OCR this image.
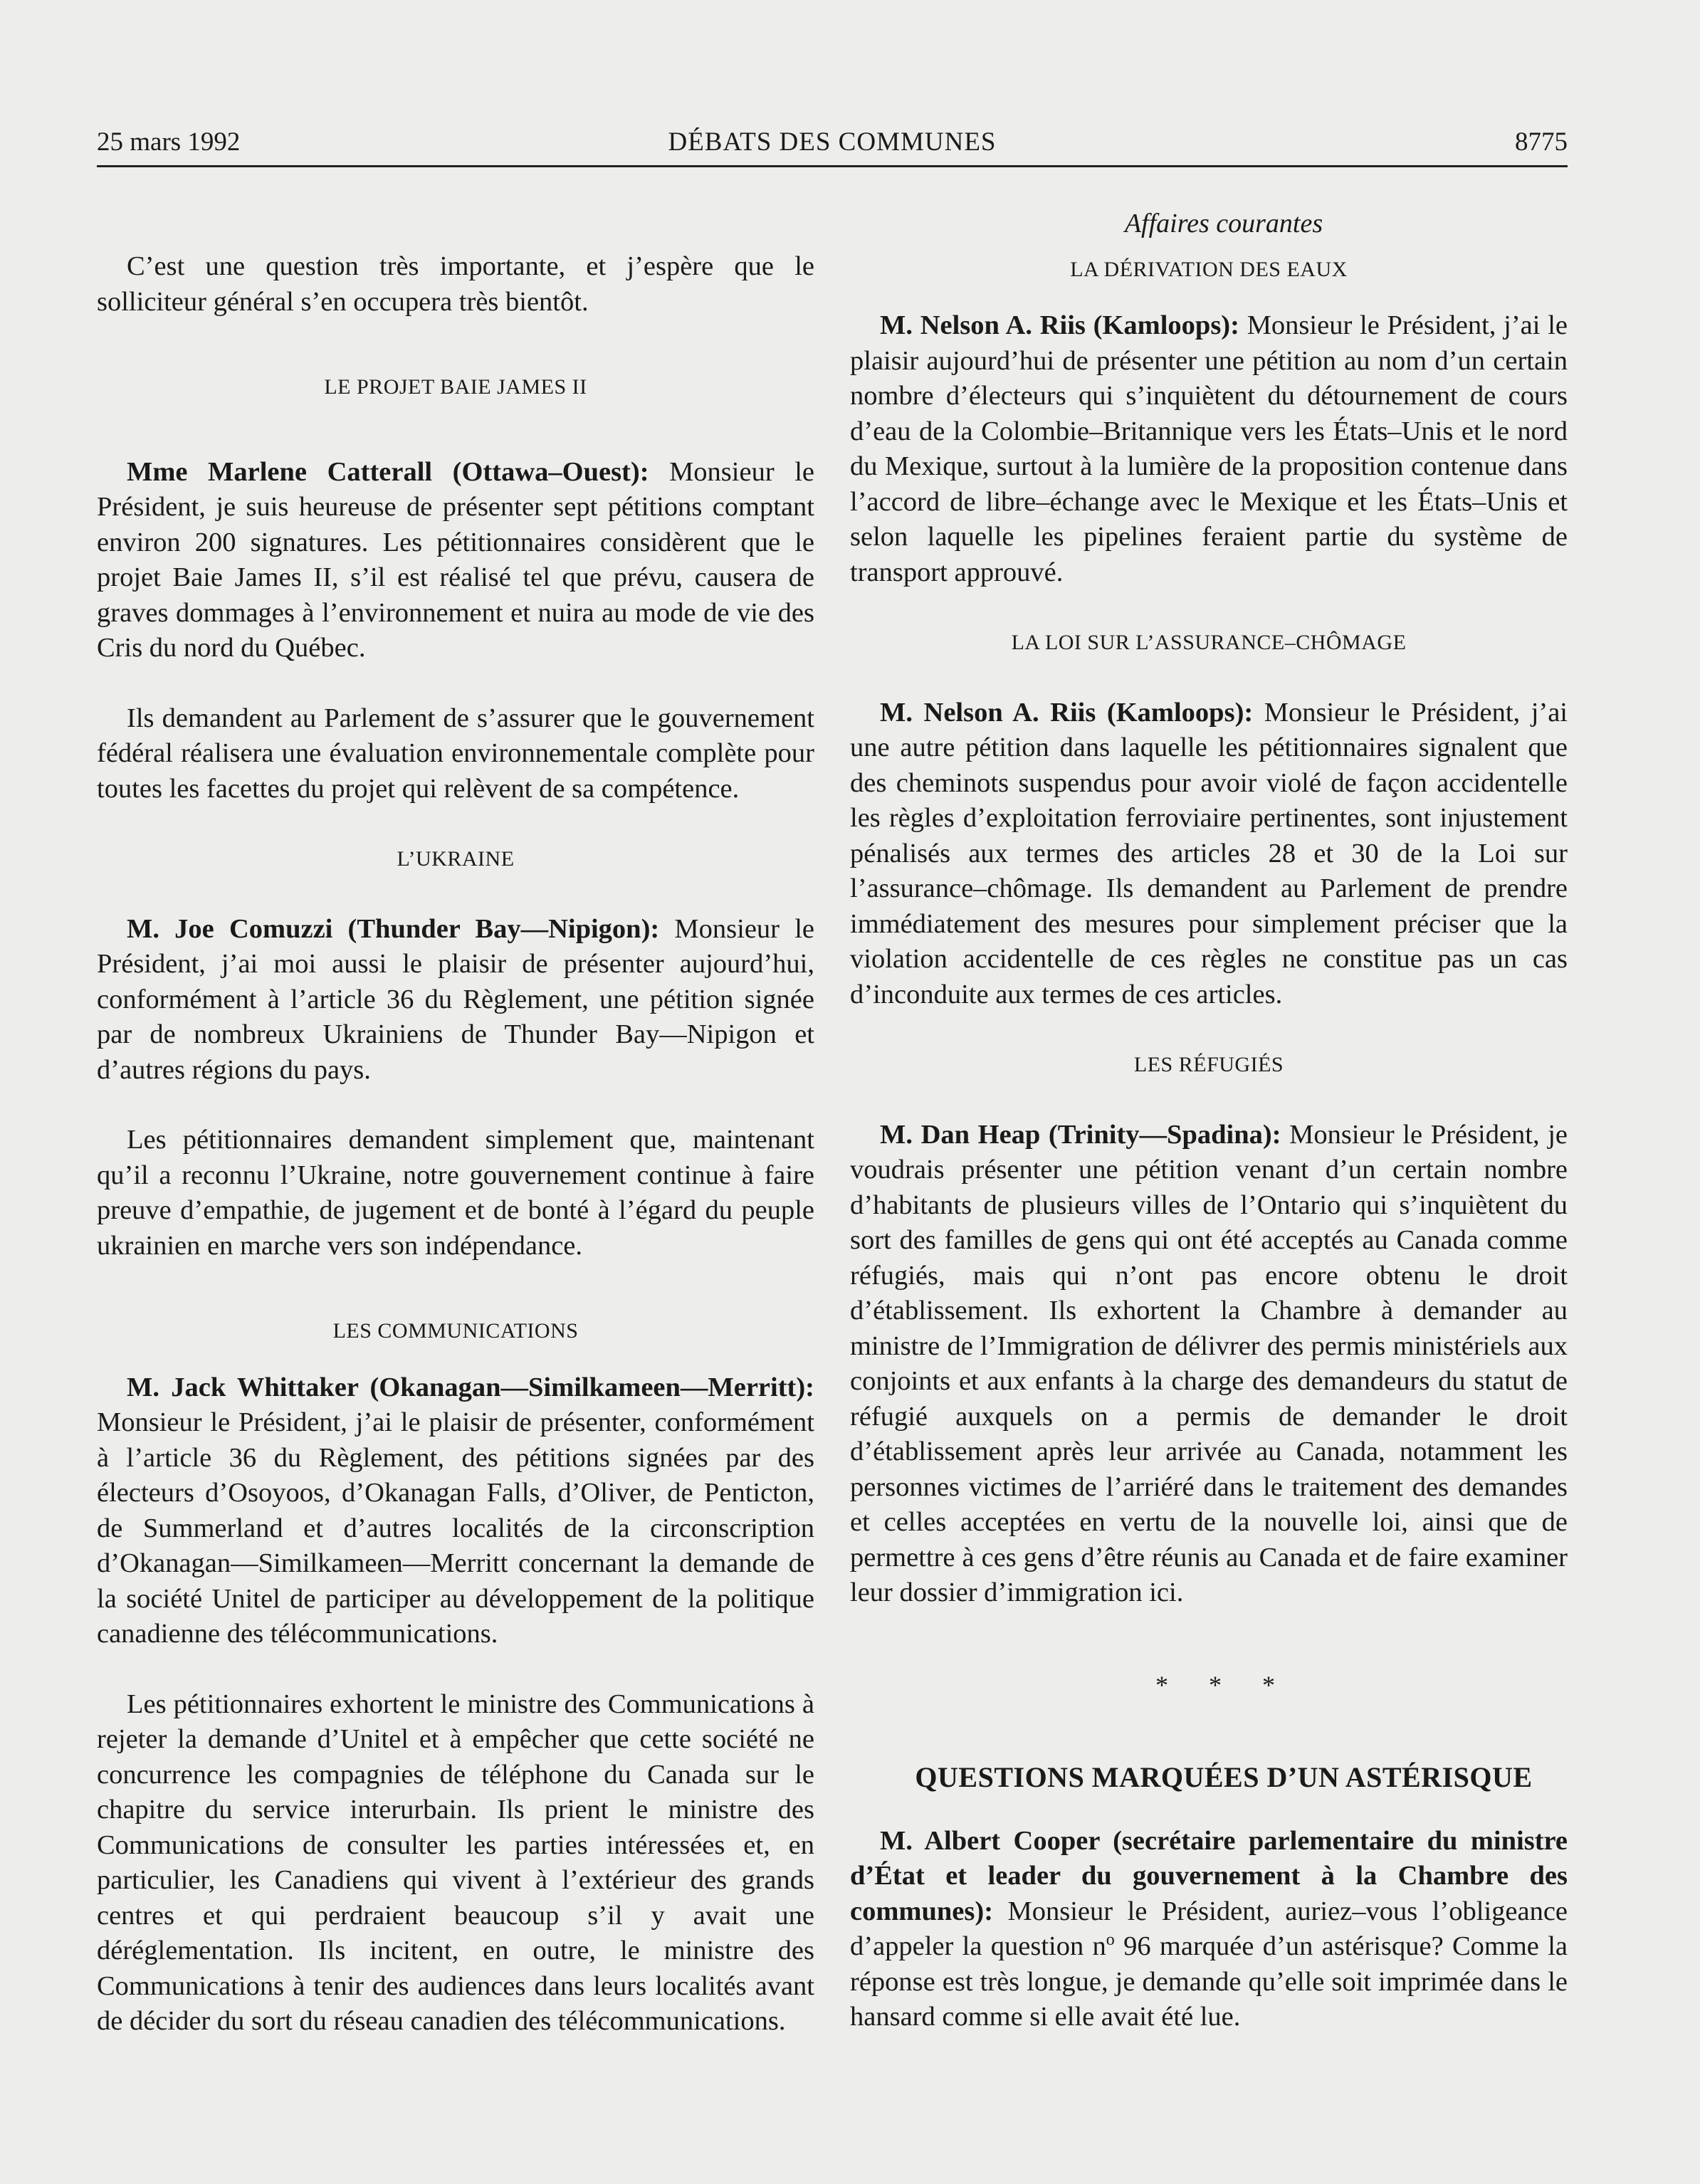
25 mars 1992	DÉBATS DES COMMUNES	8775

C’est une question très importante, et j’espère que le solliciteur général s’en occupera très bientôt.

LE PROJET BAIE JAMES II

Mme Marlene Catterall (Ottawa–Ouest): Monsieur le Président, je suis heureuse de présenter sept pétitions comptant environ 200 signatures. Les pétitionnaires considèrent que le projet Baie James II, s’il est réalisé tel que prévu, causera de graves dommages à l’environnement et nuira au mode de vie des Cris du nord du Québec.

Ils demandent au Parlement de s’assurer que le gouvernement fédéral réalisera une évaluation environnementale complète pour toutes les facettes du projet qui relèvent de sa compétence.

L’UKRAINE

M. Joe Comuzzi (Thunder Bay—Nipigon): Monsieur le Président, j’ai moi aussi le plaisir de présenter aujourd’hui, conformément à l’article 36 du Règlement, une pétition signée par de nombreux Ukrainiens de Thunder Bay—Nipigon et d’autres régions du pays.

Les pétitionnaires demandent simplement que, maintenant qu’il a reconnu l’Ukraine, notre gouvernement continue à faire preuve d’empathie, de jugement et de bonté à l’égard du peuple ukrainien en marche vers son indépendance.

LES COMMUNICATIONS

M. Jack Whittaker (Okanagan—Similkameen—Merritt): Monsieur le Président, j’ai le plaisir de présenter, conformément à l’article 36 du Règlement, des pétitions signées par des électeurs d’Osoyoos, d’Okanagan Falls, d’Oliver, de Penticton, de Summerland et d’autres localités de la circonscription d’Okanagan—Similkameen—Merritt concernant la demande de la société Unitel de participer au développement de la politique canadienne des télécommunications.

Les pétitionnaires exhortent le ministre des Communications à rejeter la demande d’Unitel et à empêcher que cette société ne concurrence les compagnies de téléphone du Canada sur le chapitre du service interurbain. Ils prient le ministre des Communications de consulter les parties intéressées et, en particulier, les Canadiens qui vivent à l’extérieur des grands centres et qui perdraient beaucoup s’il y avait une déréglementation. Ils incitent, en outre, le ministre des Communications à tenir des audiences dans leurs localités avant de décider du sort du réseau canadien des télécommunications.

Affaires courantes

LA DÉRIVATION DES EAUX

M. Nelson A. Riis (Kamloops): Monsieur le Président, j’ai le plaisir aujourd’hui de présenter une pétition au nom d’un certain nombre d’électeurs qui s’inquiètent du détournement de cours d’eau de la Colombie–Britannique vers les États–Unis et le nord du Mexique, surtout à la lumière de la proposition contenue dans l’accord de libre–échange avec le Mexique et les États–Unis et selon laquelle les pipelines feraient partie du système de transport approuvé.

LA LOI SUR L’ASSURANCE–CHÔMAGE

M. Nelson A. Riis (Kamloops): Monsieur le Président, j’ai une autre pétition dans laquelle les pétitionnaires signalent que des cheminots suspendus pour avoir violé de façon accidentelle les règles d’exploitation ferroviaire pertinentes, sont injustement pénalisés aux termes des articles 28 et 30 de la Loi sur l’assurance–chômage. Ils demandent au Parlement de prendre immédiatement des mesures pour simplement préciser que la violation accidentelle de ces règles ne constitue pas un cas d’inconduite aux termes de ces articles.

LES RÉFUGIÉS

M. Dan Heap (Trinity—Spadina): Monsieur le Président, je voudrais présenter une pétition venant d’un certain nombre d’habitants de plusieurs villes de l’Ontario qui s’inquiètent du sort des familles de gens qui ont été acceptés au Canada comme réfugiés, mais qui n’ont pas encore obtenu le droit d’établissement. Ils exhortent la Chambre à demander au ministre de l’Immigration de délivrer des permis ministériels aux conjoints et aux enfants à la charge des demandeurs du statut de réfugié auxquels on a permis de demander le droit d’établissement après leur arrivée au Canada, notamment les personnes victimes de l’arriéré dans le traitement des demandes et celles acceptées en vertu de la nouvelle loi, ainsi que de permettre à ces gens d’être réunis au Canada et de faire examiner leur dossier d’immigration ici.

* * *

QUESTIONS MARQUÉES D’UN ASTÉRISQUE

M. Albert Cooper (secrétaire parlementaire du ministre d’État et leader du gouvernement à la Chambre des communes): Monsieur le Président, auriez–vous l’obligeance d’appeler la question $n^o$ 96 marquée d’un astérisque? Comme la réponse est très longue, je demande qu’elle soit imprimée dans le hansard comme si elle avait été lue.
